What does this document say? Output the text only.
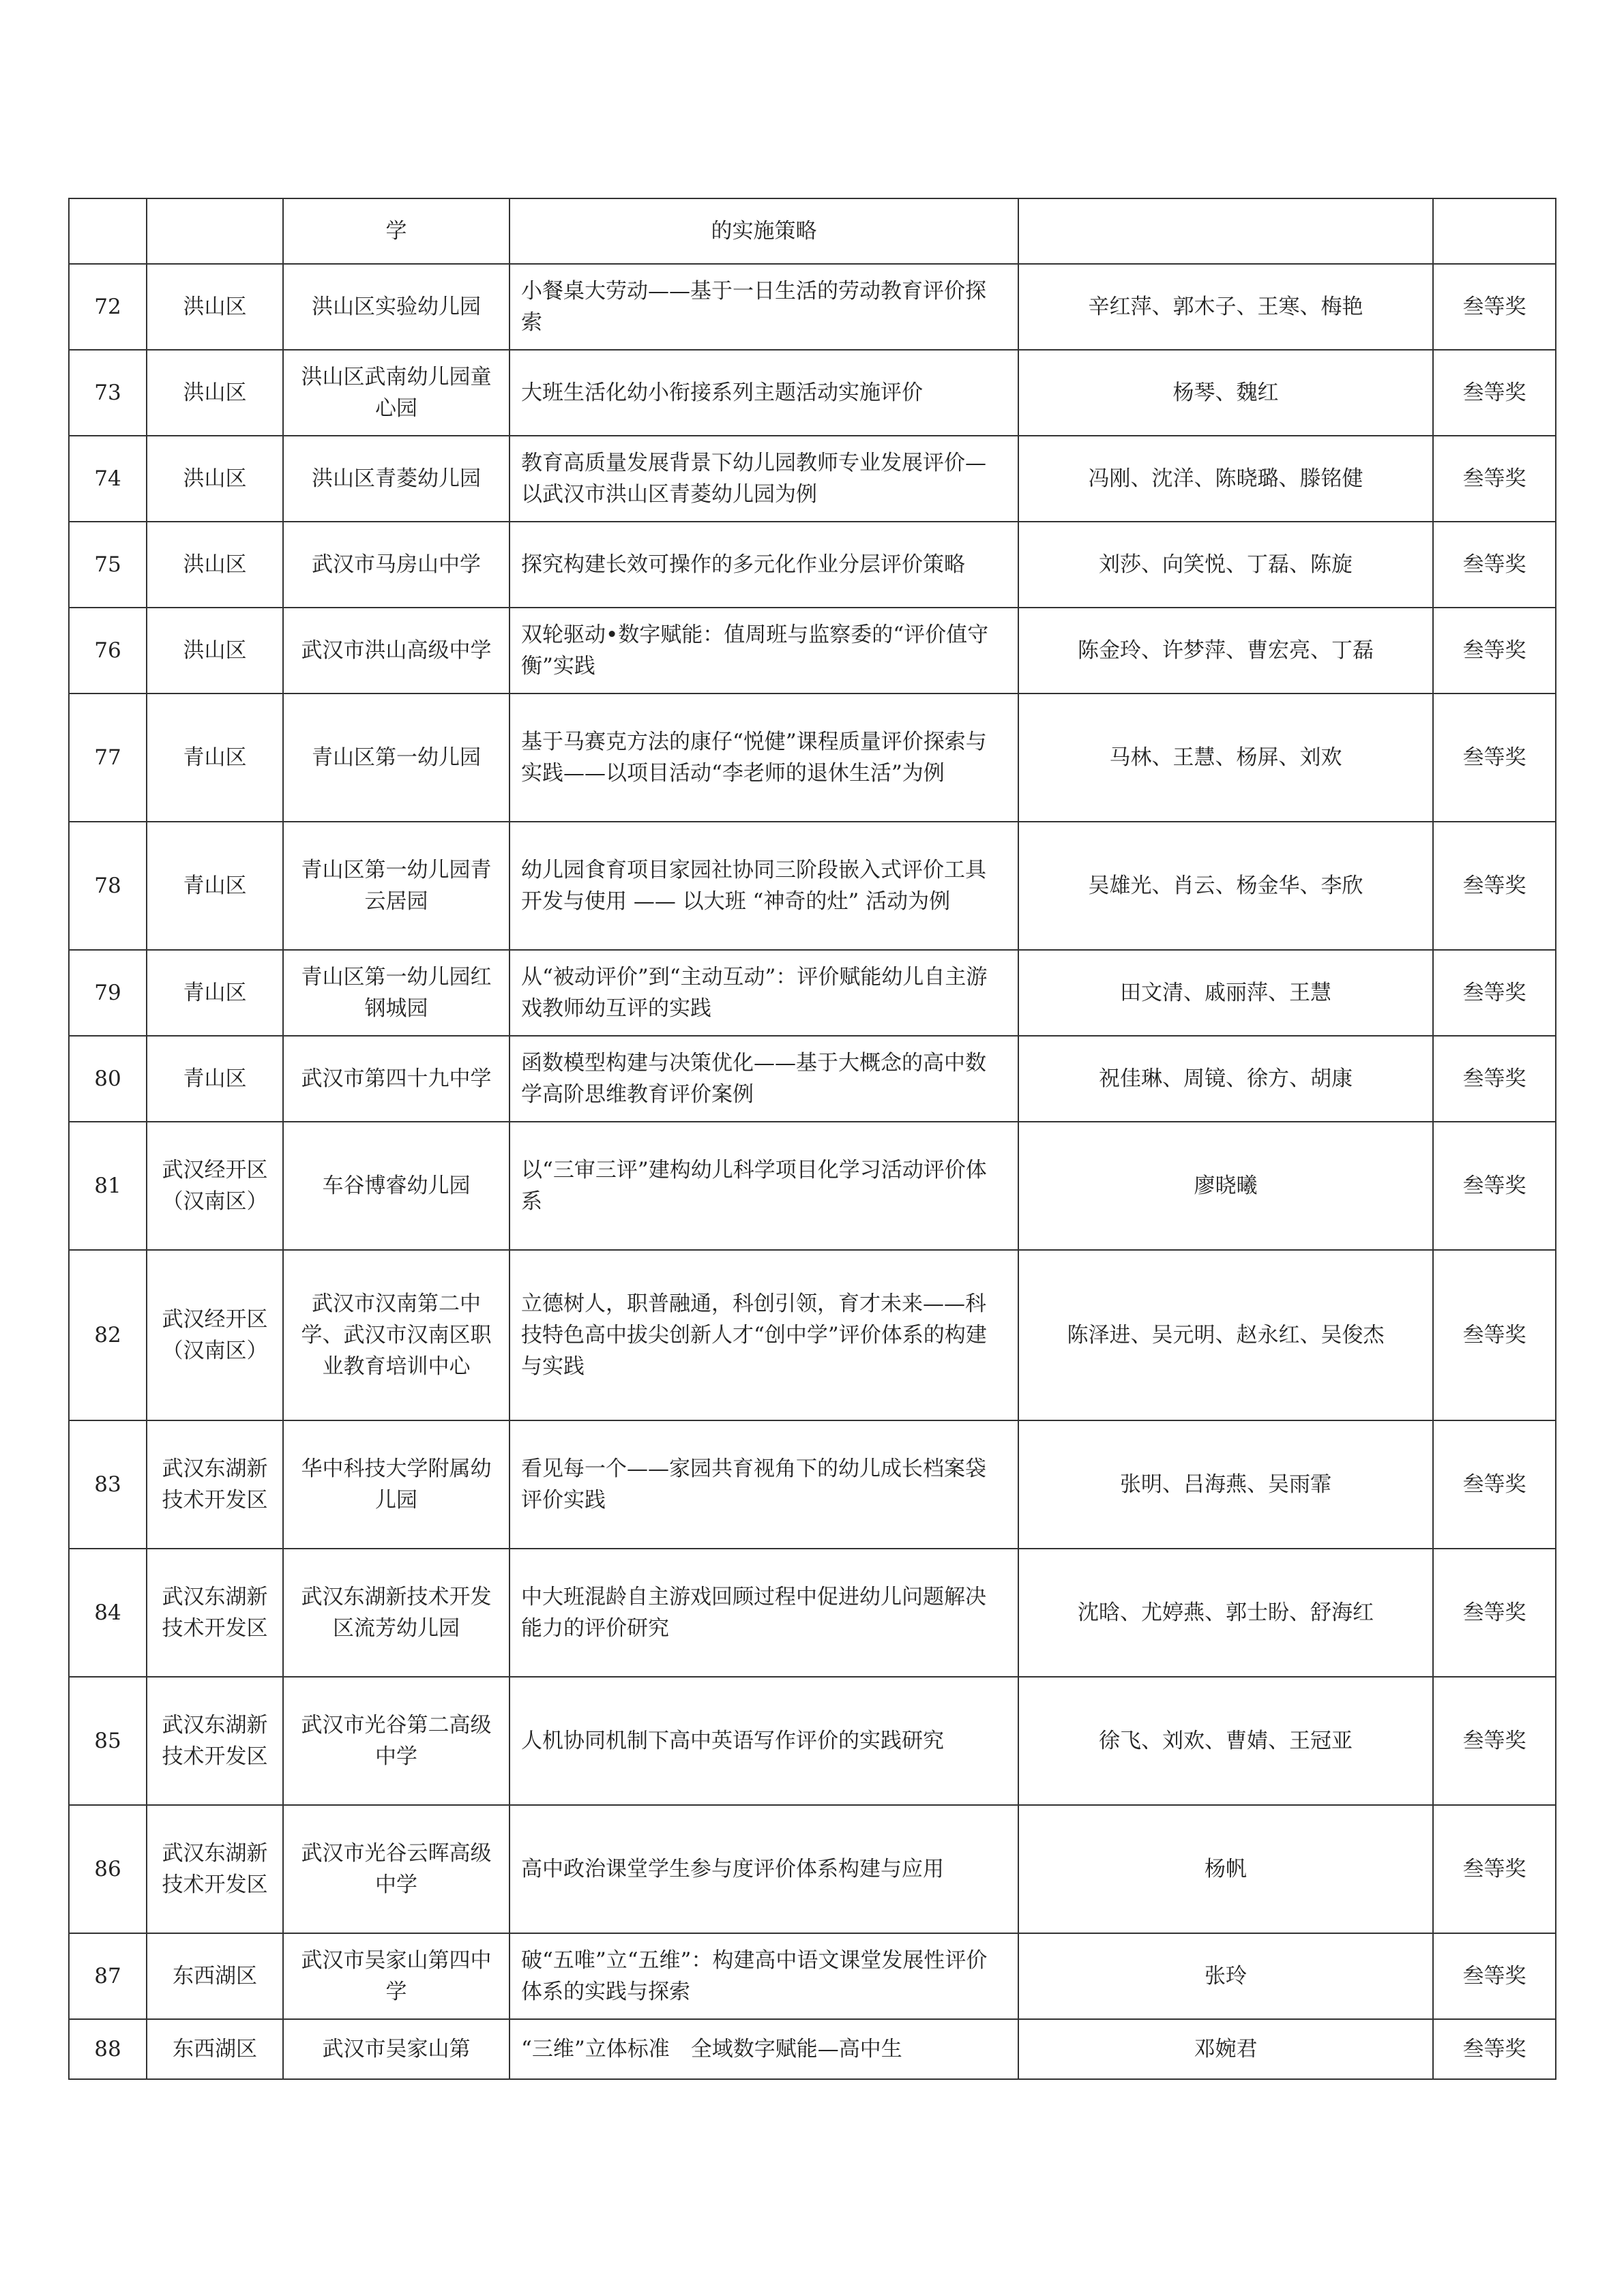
		学	的实施策略		
72	洪山区	洪山区实验幼儿园	小餐桌大劳动——基于一日生活的劳动教育评价探索	辛红萍、郭木子、王寒、梅艳	叁等奖
73	洪山区	洪山区武南幼儿园童心园	大班生活化幼小衔接系列主题活动实施评价	杨琴、魏红	叁等奖
74	洪山区	洪山区青菱幼儿园	教育高质量发展背景下幼儿园教师专业发展评价—以武汉市洪山区青菱幼儿园为例	冯刚、沈洋、陈晓璐、滕铭健	叁等奖
75	洪山区	武汉市马房山中学	探究构建长效可操作的多元化作业分层评价策略	刘莎、向笑悦、丁磊、陈旋	叁等奖
76	洪山区	武汉市洪山高级中学	双轮驱动•数字赋能：值周班与监察委的“评价值守衡”实践	陈金玲、许梦萍、曹宏亮、丁磊	叁等奖
77	青山区	青山区第一幼儿园	基于马赛克方法的康仔“悦健”课程质量评价探索与实践——以项目活动“李老师的退休生活”为例	马林、王慧、杨屏、刘欢	叁等奖
78	青山区	青山区第一幼儿园青云居园	幼儿园食育项目家园社协同三阶段嵌入式评价工具开发与使用 —— 以大班 “神奇的灶” 活动为例	吴雄光、肖云、杨金华、李欣	叁等奖
79	青山区	青山区第一幼儿园红钢城园	从“被动评价”到“主动互动”：评价赋能幼儿自主游戏教师幼互评的实践	田文清、戚丽萍、王慧	叁等奖
80	青山区	武汉市第四十九中学	函数模型构建与决策优化——基于大概念的高中数学高阶思维教育评价案例	祝佳琳、周镜、徐方、胡康	叁等奖
81	武汉经开区（汉南区）	车谷博睿幼儿园	以“三审三评”建构幼儿科学项目化学习活动评价体系	廖晓曦	叁等奖
82	武汉经开区（汉南区）	武汉市汉南第二中学、武汉市汉南区职业教育培训中心	立德树人，职普融通，科创引领，育才未来——科技特色高中拔尖创新人才“创中学”评价体系的构建与实践	陈泽进、吴元明、赵永红、吴俊杰	叁等奖
83	武汉东湖新技术开发区	华中科技大学附属幼儿园	看见每一个——家园共育视角下的幼儿成长档案袋评价实践	张明、吕海燕、吴雨霏	叁等奖
84	武汉东湖新技术开发区	武汉东湖新技术开发区流芳幼儿园	中大班混龄自主游戏回顾过程中促进幼儿问题解决能力的评价研究	沈晗、尤婷燕、郭士盼、舒海红	叁等奖
85	武汉东湖新技术开发区	武汉市光谷第二高级中学	人机协同机制下高中英语写作评价的实践研究	徐飞、刘欢、曹婧、王冠亚	叁等奖
86	武汉东湖新技术开发区	武汉市光谷云晖高级中学	高中政治课堂学生参与度评价体系构建与应用	杨帆	叁等奖
87	东西湖区	武汉市吴家山第四中学	破“五唯”立“五维”：构建高中语文课堂发展性评价体系的实践与探索	张玲	叁等奖
88	东西湖区	武汉市吴家山第	“三维”立体标准　全域数字赋能—高中生	邓婉君	叁等奖
